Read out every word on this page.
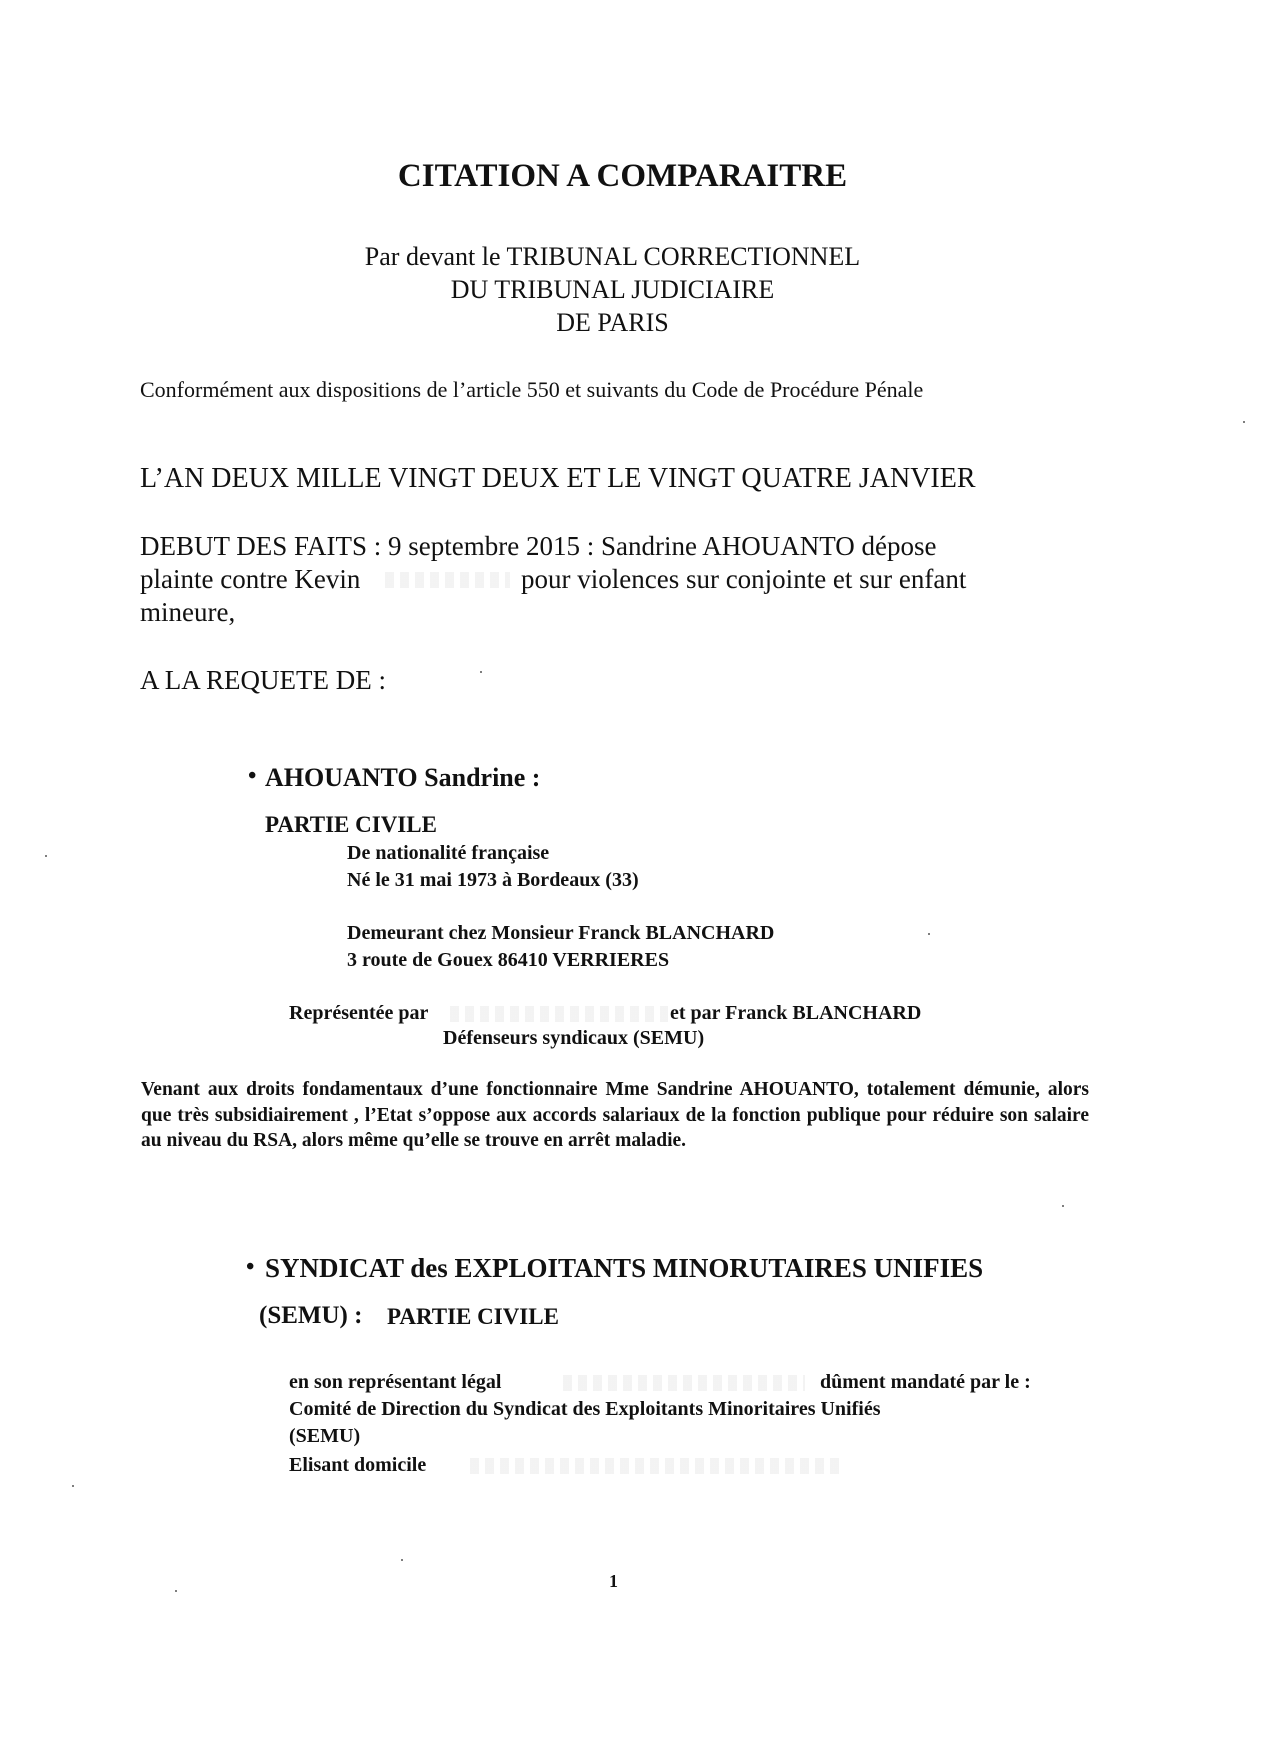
CITATION A COMPARAITRE
Par devant le TRIBUNAL CORRECTIONNEL
DU TRIBUNAL JUDICIAIRE
DE PARIS
Conformément aux dispositions de l’article 550 et suivants du Code de Procédure Pénale
L’AN DEUX MILLE VINGT DEUX ET LE VINGT QUATRE JANVIER
DEBUT DES FAITS : 9 septembre 2015 : Sandrine AHOUANTO dépose
plainte contre Kevin	pour violences sur conjointe et sur enfant
mineure,
A LA REQUETE DE :
• AHOUANTO Sandrine :
PARTIE CIVILE
De nationalité française
Né le 31 mai 1973 à Bordeaux (33)
Demeurant chez Monsieur Franck BLANCHARD
3 route de Gouex 86410 VERRIERES
Représentée par	et par Franck BLANCHARD
Défenseurs syndicaux (SEMU)
Venant aux droits fondamentaux d’une fonctionnaire Mme Sandrine AHOUANTO, totalement démunie, alors que très subsidiairement , l’Etat s’oppose aux accords salariaux de la fonction publique pour réduire son salaire au niveau du RSA, alors même qu’elle se trouve en arrêt maladie.
• SYNDICAT des EXPLOITANTS MINORUTAIRES UNIFIES
(SEMU) : PARTIE CIVILE
en son représentant légal	dûment mandaté par le :
Comité de Direction du Syndicat des Exploitants Minoritaires Unifiés
(SEMU)
Elisant domicile
1
